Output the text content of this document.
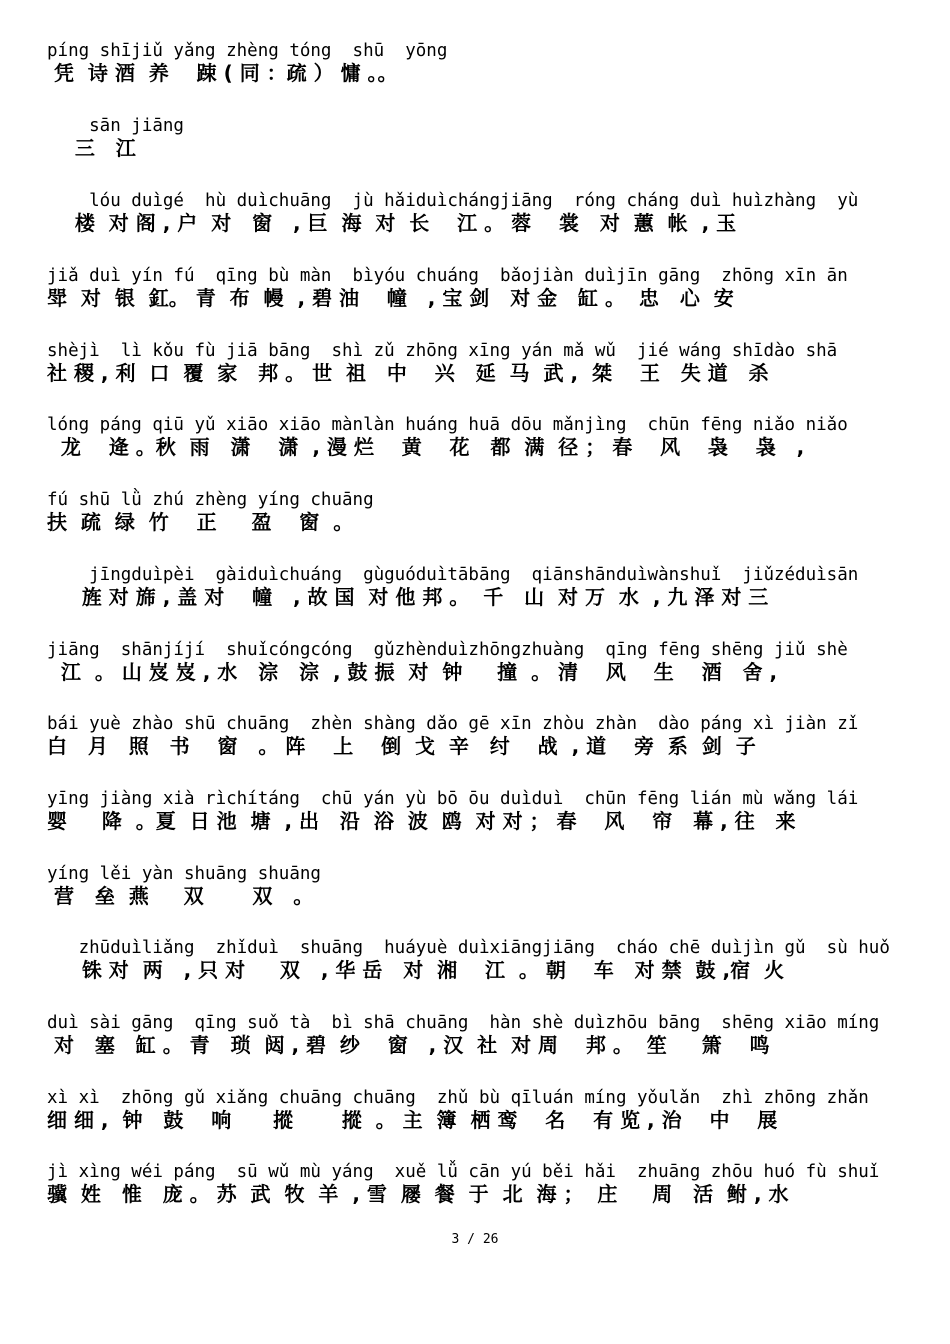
píng shījiǔ yǎng zhèng tóng  shū  yōng
凭  诗 酒  养    踈 ( 同 ：疏 ） 慵 。。
sān jiāng
三   江
lóu duìgé  hù duìchuāng  jù hǎiduìchángjiāng  róng cháng duì huìzhàng  yù
楼  对 阁 , 户  对   窗   , 巨  海  对  长    江 。 蓉    裳   对  蕙  帐  , 玉
jiǎ duì yín fú  qīng bù màn  bìyóu chuáng  bǎojiàn duìjīn gāng  zhōng xīn ān
斝  对  银  釭。 青  布  幔  , 碧 油    幢   , 宝 剑   对 金   缸 。  忠   心  安
shèjì  lì kǒu fù jiā bāng  shì zǔ zhōng xīng yán mǎ wǔ  jié wáng shīdào shā
社 稷 , 利  口  覆  家   邦 。 世  祖   中    兴   延  马  武 ,  桀    王   失 道   杀
lóng páng qiū yǔ xiāo xiāo mànlàn huáng huā dōu mǎnjìng  chūn fēng niǎo niǎo
龙    逄 。秋  雨   潇    潇  , 漫 烂    黄    花   都  满  径 ； 春    风    袅    袅   ,
fú shū lǜ zhú zhèng yíng chuāng
扶  疏  绿  竹    正     盈    窗  。
jīngduìpèi  gàiduìchuáng  gùguóduìtābāng  qiānshānduìwànshuǐ  jiǔzéduìsān
旌 对 旆 , 盖 对    幢   , 故 国  对 他 邦 。  千   山  对 万  水  , 九 泽 对 三
jiāng  shānjíjí  shuǐcóngcóng  gǔzhènduìzhōngzhuàng  qīng fēng shēng jiǔ shè
江  。 山 岌 岌 , 水   淙   淙  , 鼓 振  对  钟     撞  。 清    风    生    酒   舍 ,
bái yuè zhào shū chuāng  zhèn shàng dǎo gē xīn zhòu zhàn  dào páng xì jiàn zǐ
白   月   照   书    窗   。 阵    上    倒  戈  辛   纣    战  , 道    旁  系  剑  子
yīng jiàng xià rìchítáng  chū yán yù bō ōu duìduì  chūn fēng lián mù wǎng lái
婴     降  。夏  日 池  塘  , 出   沿  浴  波  鸥  对 对 ； 春    风    帘   幕 , 往   来
yíng lěi yàn shuāng shuāng
营   垒  燕     双       双   。
zhūduìliǎng  zhǐduì  shuāng  huáyuè duìxiāngjiāng  cháo chē duìjìn gǔ  sù huǒ
铢 对  两   , 只 对     双   , 华 岳   对  湘    江  。 朝    车   对 禁  鼓 ,宿  火
duì sài gāng  qīng suǒ tà  bì shā chuāng  hàn shè duìzhōu bāng  shēng xiāo míng
对   塞   缸 。 青   琐  闼 , 碧  纱    窗   , 汉  社  对 周    邦 。  笙     箫    鸣
xì xì  zhōng gǔ xiǎng chuāng chuāng  zhǔ bù qīluán míng yǒulǎn  zhì zhōng zhǎn
细 细 ,  钟   鼓    响      摐       摐  。 主  簿  栖 鸾    名    有 览 , 治    中    展
jì xìng wéi páng  sū wǔ mù yáng  xuě lǚ cān yú běi hǎi  zhuāng zhōu huó fù shuǐ
骥  姓   惟   庞 。 苏  武  牧  羊  , 雪  屦  餐  于  北  海 ；  庄     周   活  鲋 , 水
3 / 26
